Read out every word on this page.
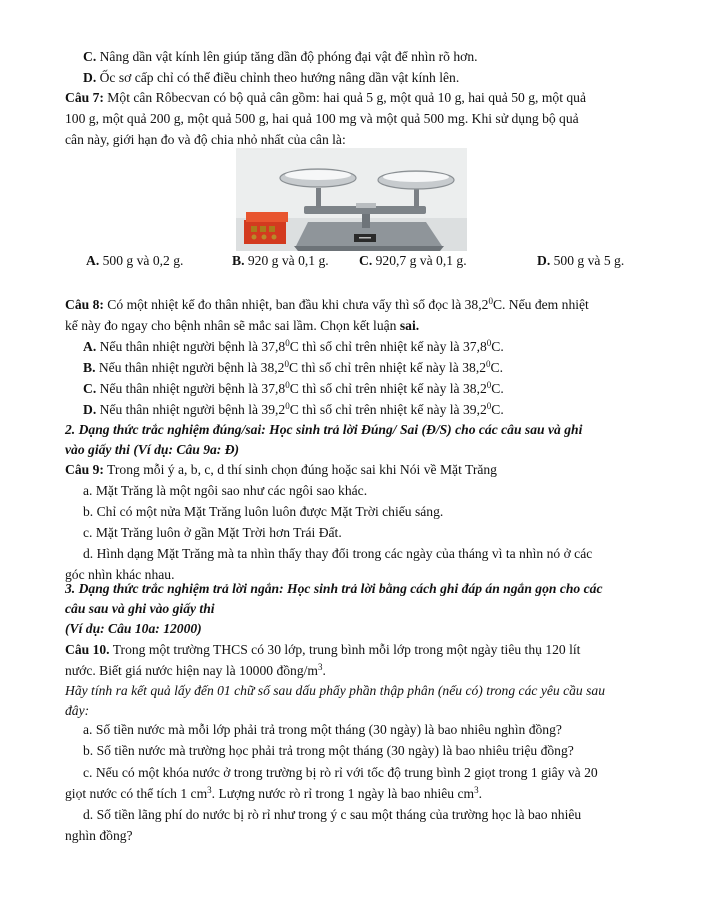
C. Nâng dần vật kính lên giúp tăng dần độ phóng đại vật để nhìn rõ hơn.
D. Ốc sơ cấp chỉ có thể điều chỉnh theo hướng nâng dần vật kính lên.
Câu 7: Một cân Rôbecvan có bộ quả cân gồm: hai quả 5 g, một quả 10 g, hai quả 50 g, một quả
100 g, một quả 200 g, một quả 500 g, hai quả 100 mg và một quả 500 mg. Khi sử dụng bộ quả
cân này, giới hạn đo và độ chia nhỏ nhất của cân là:
Câu 8: Có một nhiệt kế đo thân nhiệt, ban đầu khi chưa vẩy thì số đọc là 38,2$^0$C. Nếu đem nhiệt
kế này đo ngay cho bệnh nhân sẽ mắc sai lầm. Chọn kết luận sai.
A. Nếu thân nhiệt người bệnh là 37,8$^0$C thì số chỉ trên nhiệt kế này là 37,8$^0$C.
B. Nếu thân nhiệt người bệnh là 38,2$^0$C thì số chỉ trên nhiệt kế này là 38,2$^0$C.
C. Nếu thân nhiệt người bệnh là 37,8$^0$C thì số chỉ trên nhiệt kế này là 38,2$^0$C.
D. Nếu thân nhiệt người bệnh là 39,2$^0$C thì số chỉ trên nhiệt kế này là 39,2$^0$C.
2. Dạng thức trắc nghiệm đúng/sai: Học sinh trả lời Đúng/ Sai (Đ/S) cho các câu sau và ghi
vào giấy thi (Ví dụ: Câu 9a: Đ)
Câu 9: Trong mỗi ý a, b, c, d thí sinh chọn đúng hoặc sai khi Nói về Mặt Trăng
a. Mặt Trăng là một ngôi sao như các ngôi sao khác.
b. Chỉ có một nửa Mặt Trăng luôn luôn được Mặt Trời chiếu sáng.
c. Mặt Trăng luôn ở gần Mặt Trời hơn Trái Đất.
d. Hình dạng Mặt Trăng mà ta nhìn thấy thay đổi trong các ngày của tháng vì ta nhìn nó ở các
góc nhìn khác nhau.
3. Dạng thức trắc nghiệm trả lời ngắn: Học sinh trả lời bằng cách ghi đáp án ngắn gọn cho các
câu sau và ghi vào giấy thi
(Ví dụ: Câu 10a: 12000)
Câu 10. Trong một trường THCS có 30 lớp, trung bình mỗi lớp trong một ngày tiêu thụ 120 lít
nước. Biết giá nước hiện nay là 10000 đồng/$m^3$.
Hãy tính ra kết quả lấy đến 01 chữ số sau dấu phẩy phần thập phân (nếu có) trong các yêu cầu sau
đây:
a. Số tiền nước mà mỗi lớp phải trả trong một tháng (30 ngày) là bao nhiêu nghìn đồng?
b. Số tiền nước mà trường học phải trả trong một tháng (30 ngày) là bao nhiêu triệu đồng?
c. Nếu có một khóa nước ở trong trường bị rò rỉ với tốc độ trung bình 2 giọt trong 1 giây và 20
giọt nước có thể tích 1 $cm^3$. Lượng nước rò rỉ trong 1 ngày là bao nhiêu $cm^3$.
d. Số tiền lãng phí do nước bị rò rỉ như trong ý c sau một tháng của trường học là bao nhiêu
nghìn đồng?
A. 500 g và 0,2 g.	B. 920 g và 0,1 g. C. 920,7 g và 0,1 g.	D. 500 g và 5 g.
